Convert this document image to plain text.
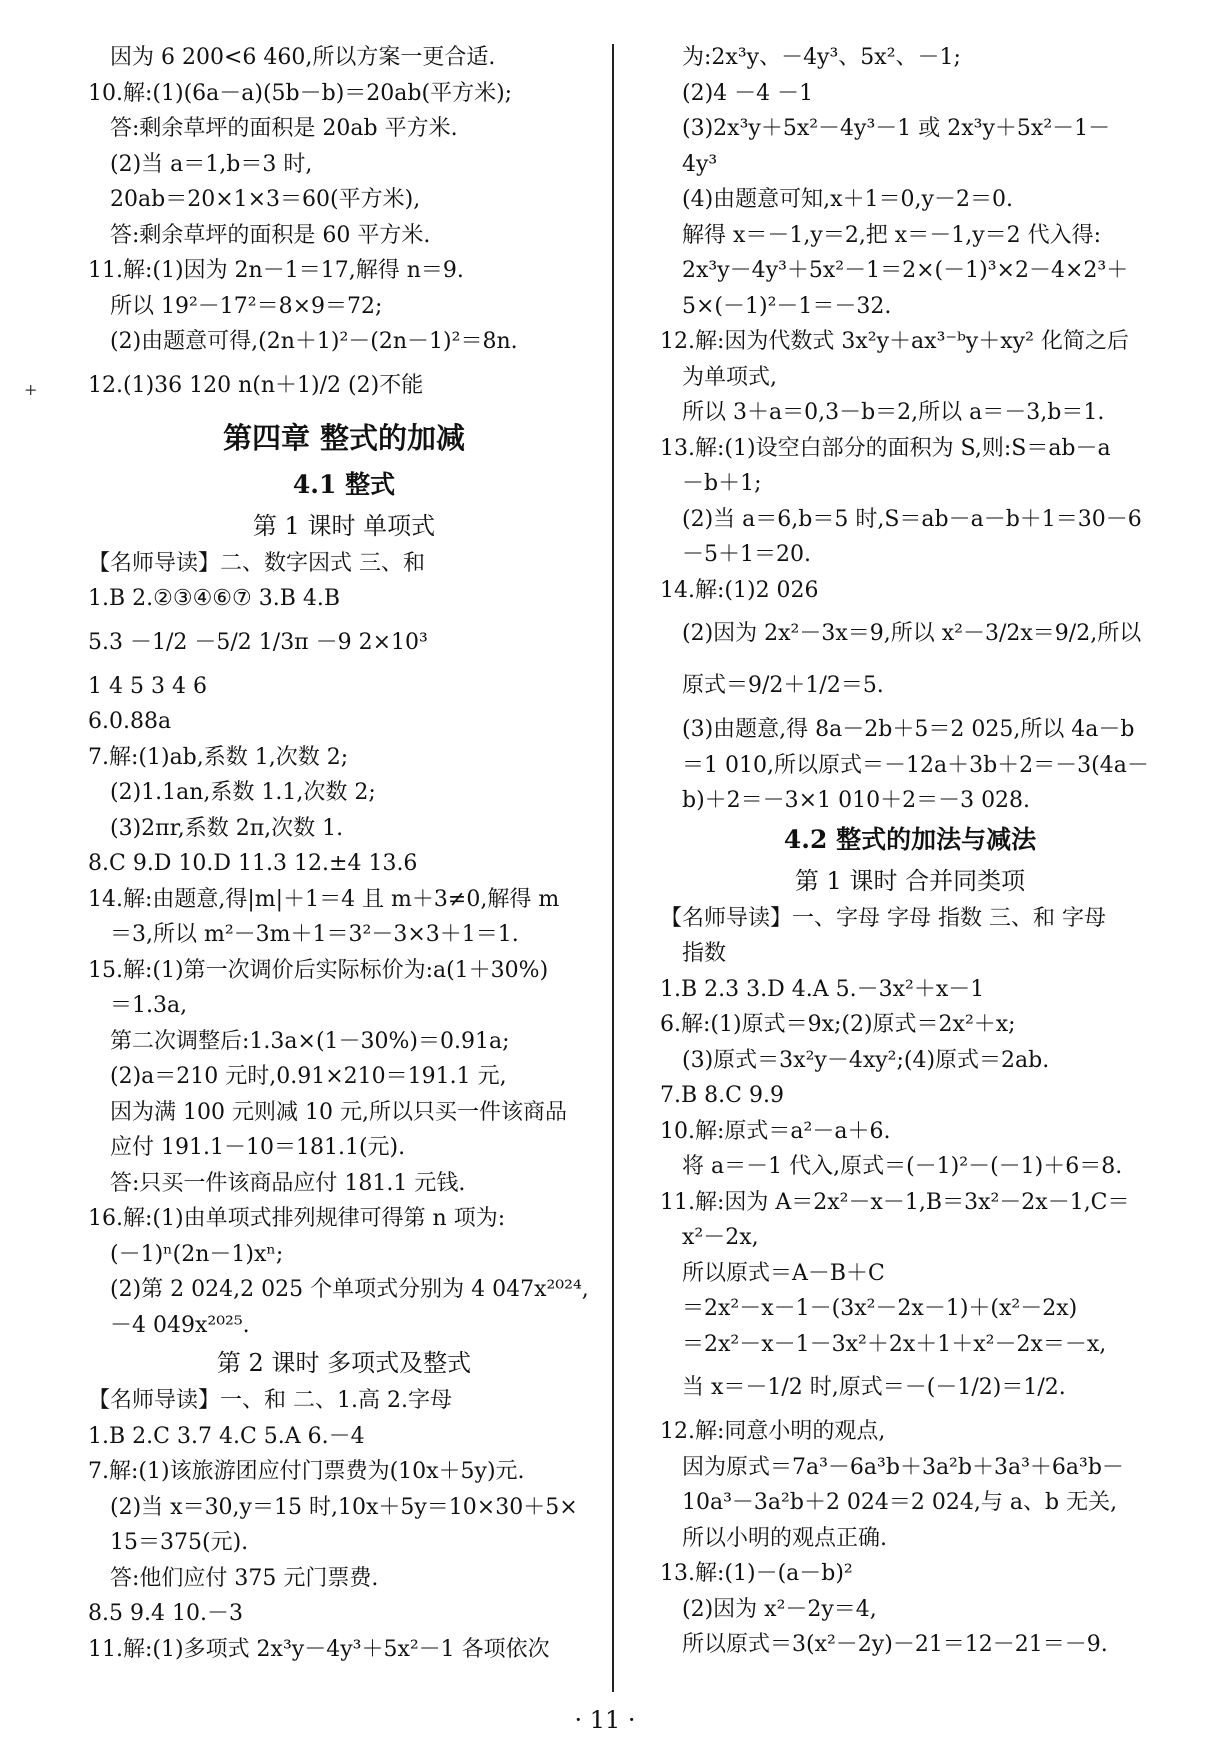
+
因为 6 200<6 460,所以方案一更合适.
10.解:(1)(6a－a)(5b－b)＝20ab(平方米);
答:剩余草坪的面积是 20ab 平方米.
(2)当 a＝1,b＝3 时,
20ab＝20×1×3＝60(平方米),
答:剩余草坪的面积是 60 平方米.
11.解:(1)因为 2n－1＝17,解得 n＝9.
所以 19²－17²＝8×9＝72;
(2)由题意可得,(2n＋1)²－(2n－1)²＝8n.
12.(1)36 120 n(n＋1)/2 (2)不能
第四章 整式的加减
4.1 整式
第 1 课时 单项式
【名师导读】二、数字因式 三、和
1.B 2.②③④⑥⑦ 3.B 4.B
5.3 －1/2 －5/2 1/3π －9 2×10³
1 4 5 3 4 6
6.0.88a
7.解:(1)ab,系数 1,次数 2;
(2)1.1an,系数 1.1,次数 2;
(3)2πr,系数 2π,次数 1.
8.C 9.D 10.D 11.3 12.±4 13.6
14.解:由题意,得|m|＋1＝4 且 m＋3≠0,解得 m
＝3,所以 m²－3m＋1＝3²－3×3＋1＝1.
15.解:(1)第一次调价后实际标价为:a(1＋30%)
＝1.3a,
第二次调整后:1.3a×(1－30%)＝0.91a;
(2)a＝210 元时,0.91×210＝191.1 元,
因为满 100 元则减 10 元,所以只买一件该商品
应付 191.1－10＝181.1(元).
答:只买一件该商品应付 181.1 元钱.
16.解:(1)由单项式排列规律可得第 n 项为:
(－1)ⁿ(2n－1)xⁿ;
(2)第 2 024,2 025 个单项式分别为 4 047x²⁰²⁴,
－4 049x²⁰²⁵.
第 2 课时 多项式及整式
【名师导读】一、和 二、1.高 2.字母
1.B 2.C 3.7 4.C 5.A 6.－4
7.解:(1)该旅游团应付门票费为(10x＋5y)元.
(2)当 x＝30,y＝15 时,10x＋5y＝10×30＋5×
15＝375(元).
答:他们应付 375 元门票费.
8.5 9.4 10.－3
11.解:(1)多项式 2x³y－4y³＋5x²－1 各项依次
为:2x³y、－4y³、5x²、－1;
(2)4 －4 －1
(3)2x³y＋5x²－4y³－1 或 2x³y＋5x²－1－
4y³
(4)由题意可知,x＋1＝0,y－2＝0.
解得 x＝－1,y＝2,把 x＝－1,y＝2 代入得:
2x³y－4y³＋5x²－1＝2×(－1)³×2－4×2³＋
5×(－1)²－1＝－32.
12.解:因为代数式 3x²y＋ax³⁻ᵇy＋xy² 化简之后
为单项式,
所以 3＋a＝0,3－b＝2,所以 a＝－3,b＝1.
13.解:(1)设空白部分的面积为 S,则:S＝ab－a
－b＋1;
(2)当 a＝6,b＝5 时,S＝ab－a－b＋1＝30－6
－5＋1＝20.
14.解:(1)2 026
(2)因为 2x²－3x＝9,所以 x²－3/2x＝9/2,所以
原式＝9/2＋1/2＝5.
(3)由题意,得 8a－2b＋5＝2 025,所以 4a－b
＝1 010,所以原式＝－12a＋3b＋2＝－3(4a－
b)＋2＝－3×1 010＋2＝－3 028.
4.2 整式的加法与减法
第 1 课时 合并同类项
【名师导读】一、字母 字母 指数 三、和 字母
指数
1.B 2.3 3.D 4.A 5.－3x²＋x－1
6.解:(1)原式＝9x;(2)原式＝2x²＋x;
(3)原式＝3x²y－4xy²;(4)原式＝2ab.
7.B 8.C 9.9
10.解:原式＝a²－a＋6.
将 a＝－1 代入,原式＝(－1)²－(－1)＋6＝8.
11.解:因为 A＝2x²－x－1,B＝3x²－2x－1,C＝
x²－2x,
所以原式＝A－B＋C
＝2x²－x－1－(3x²－2x－1)＋(x²－2x)
＝2x²－x－1－3x²＋2x＋1＋x²－2x＝－x,
当 x＝－1/2 时,原式＝－(－1/2)＝1/2.
12.解:同意小明的观点,
因为原式＝7a³－6a³b＋3a²b＋3a³＋6a³b－
10a³－3a²b＋2 024＝2 024,与 a、b 无关,
所以小明的观点正确.
13.解:(1)－(a－b)²
(2)因为 x²－2y＝4,
所以原式＝3(x²－2y)－21＝12－21＝－9.
· 11 ·
